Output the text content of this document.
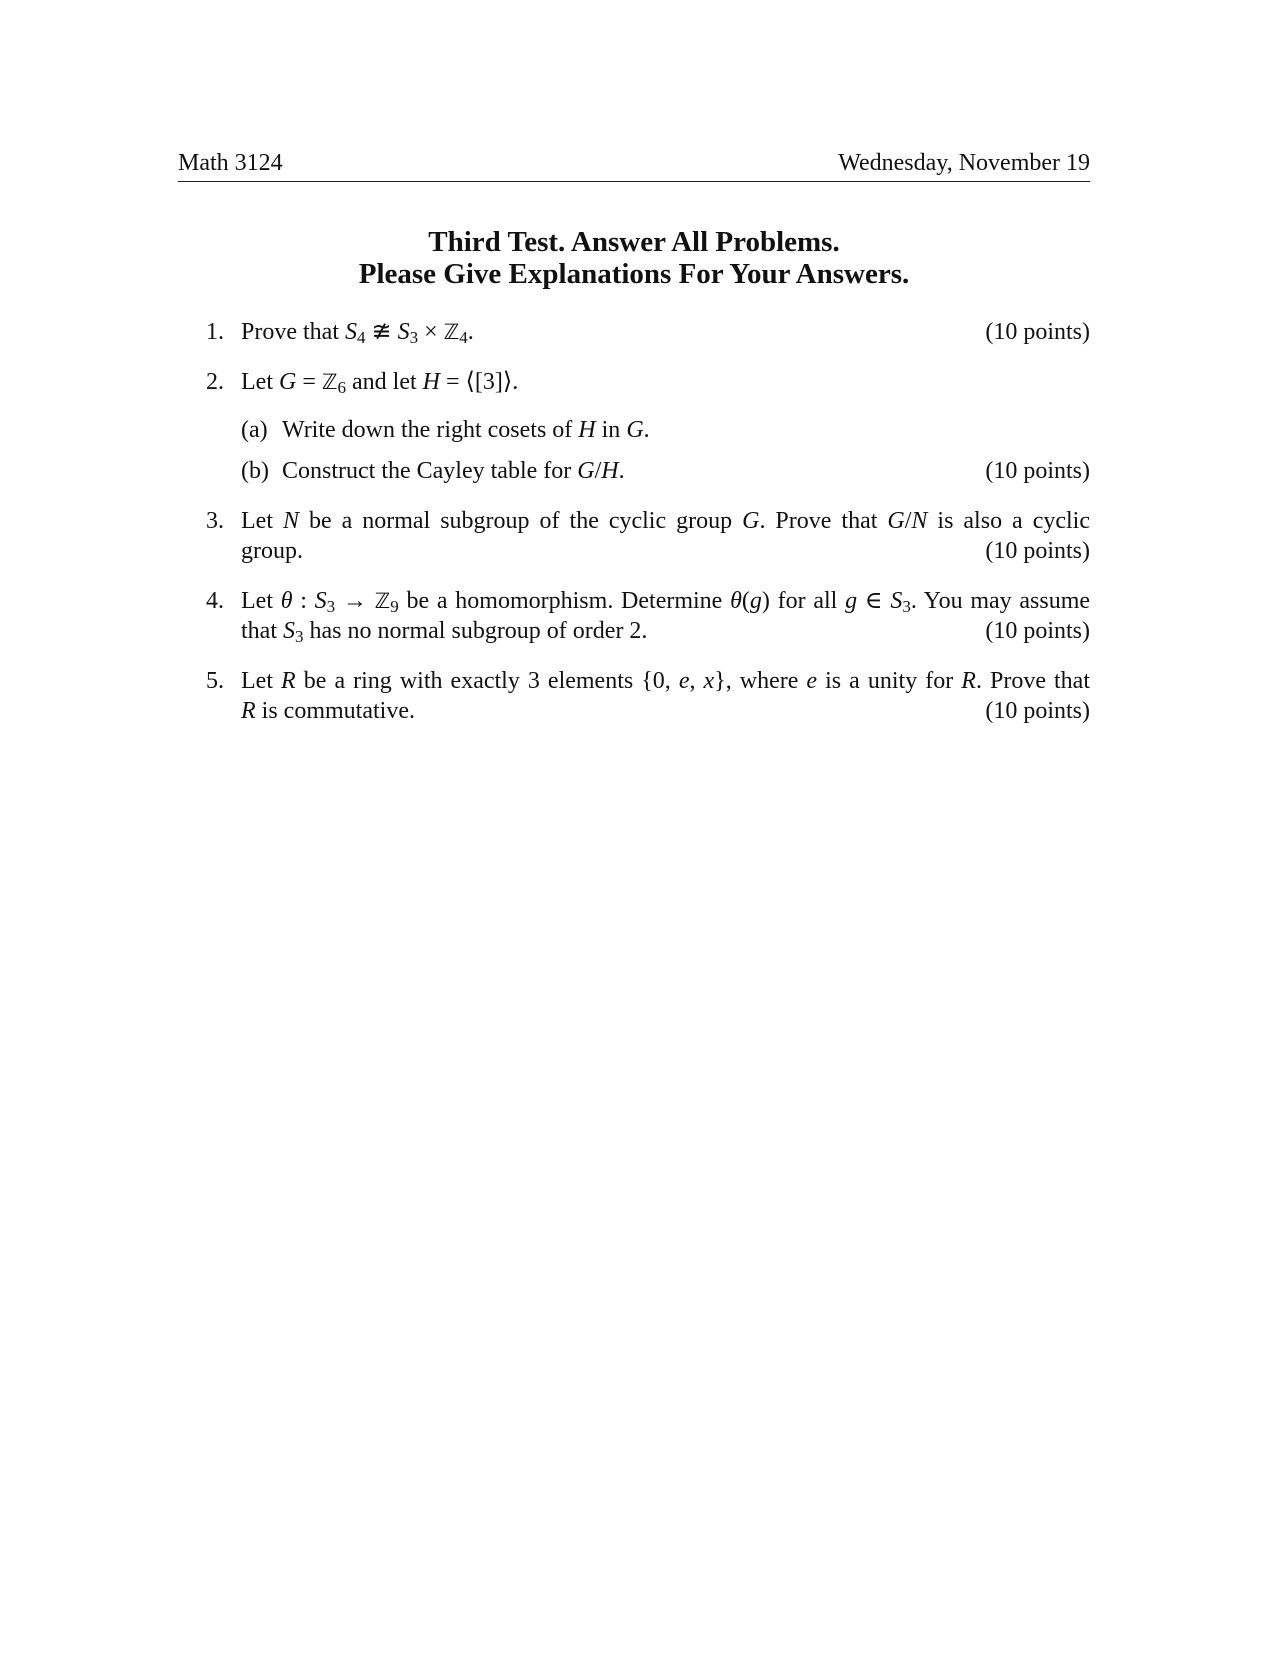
Math 3124	Wednesday, November 19
Third Test. Answer All Problems.
Please Give Explanations For Your Answers.
1. Prove that $S_4$ ≇ $S_3$ × ℤ$_4$.	(10 points)
2. Let G = ℤ$_6$ and let H = ⟨[3]⟩.
(a) Write down the right cosets of H in G.
(b) Construct the Cayley table for G/H.	(10 points)
3. Let N be a normal subgroup of the cyclic group G. Prove that G/N is also a cyclic
group.	(10 points)
4. Let θ : $S_3$ → ℤ$_9$ be a homomorphism. Determine θ(g) for all g ∈ $S_3$. You may assume
that $S_3$ has no normal subgroup of order 2.	(10 points)
5. Let R be a ring with exactly 3 elements {0, e, x}, where e is a unity for R. Prove that
R is commutative.	(10 points)
